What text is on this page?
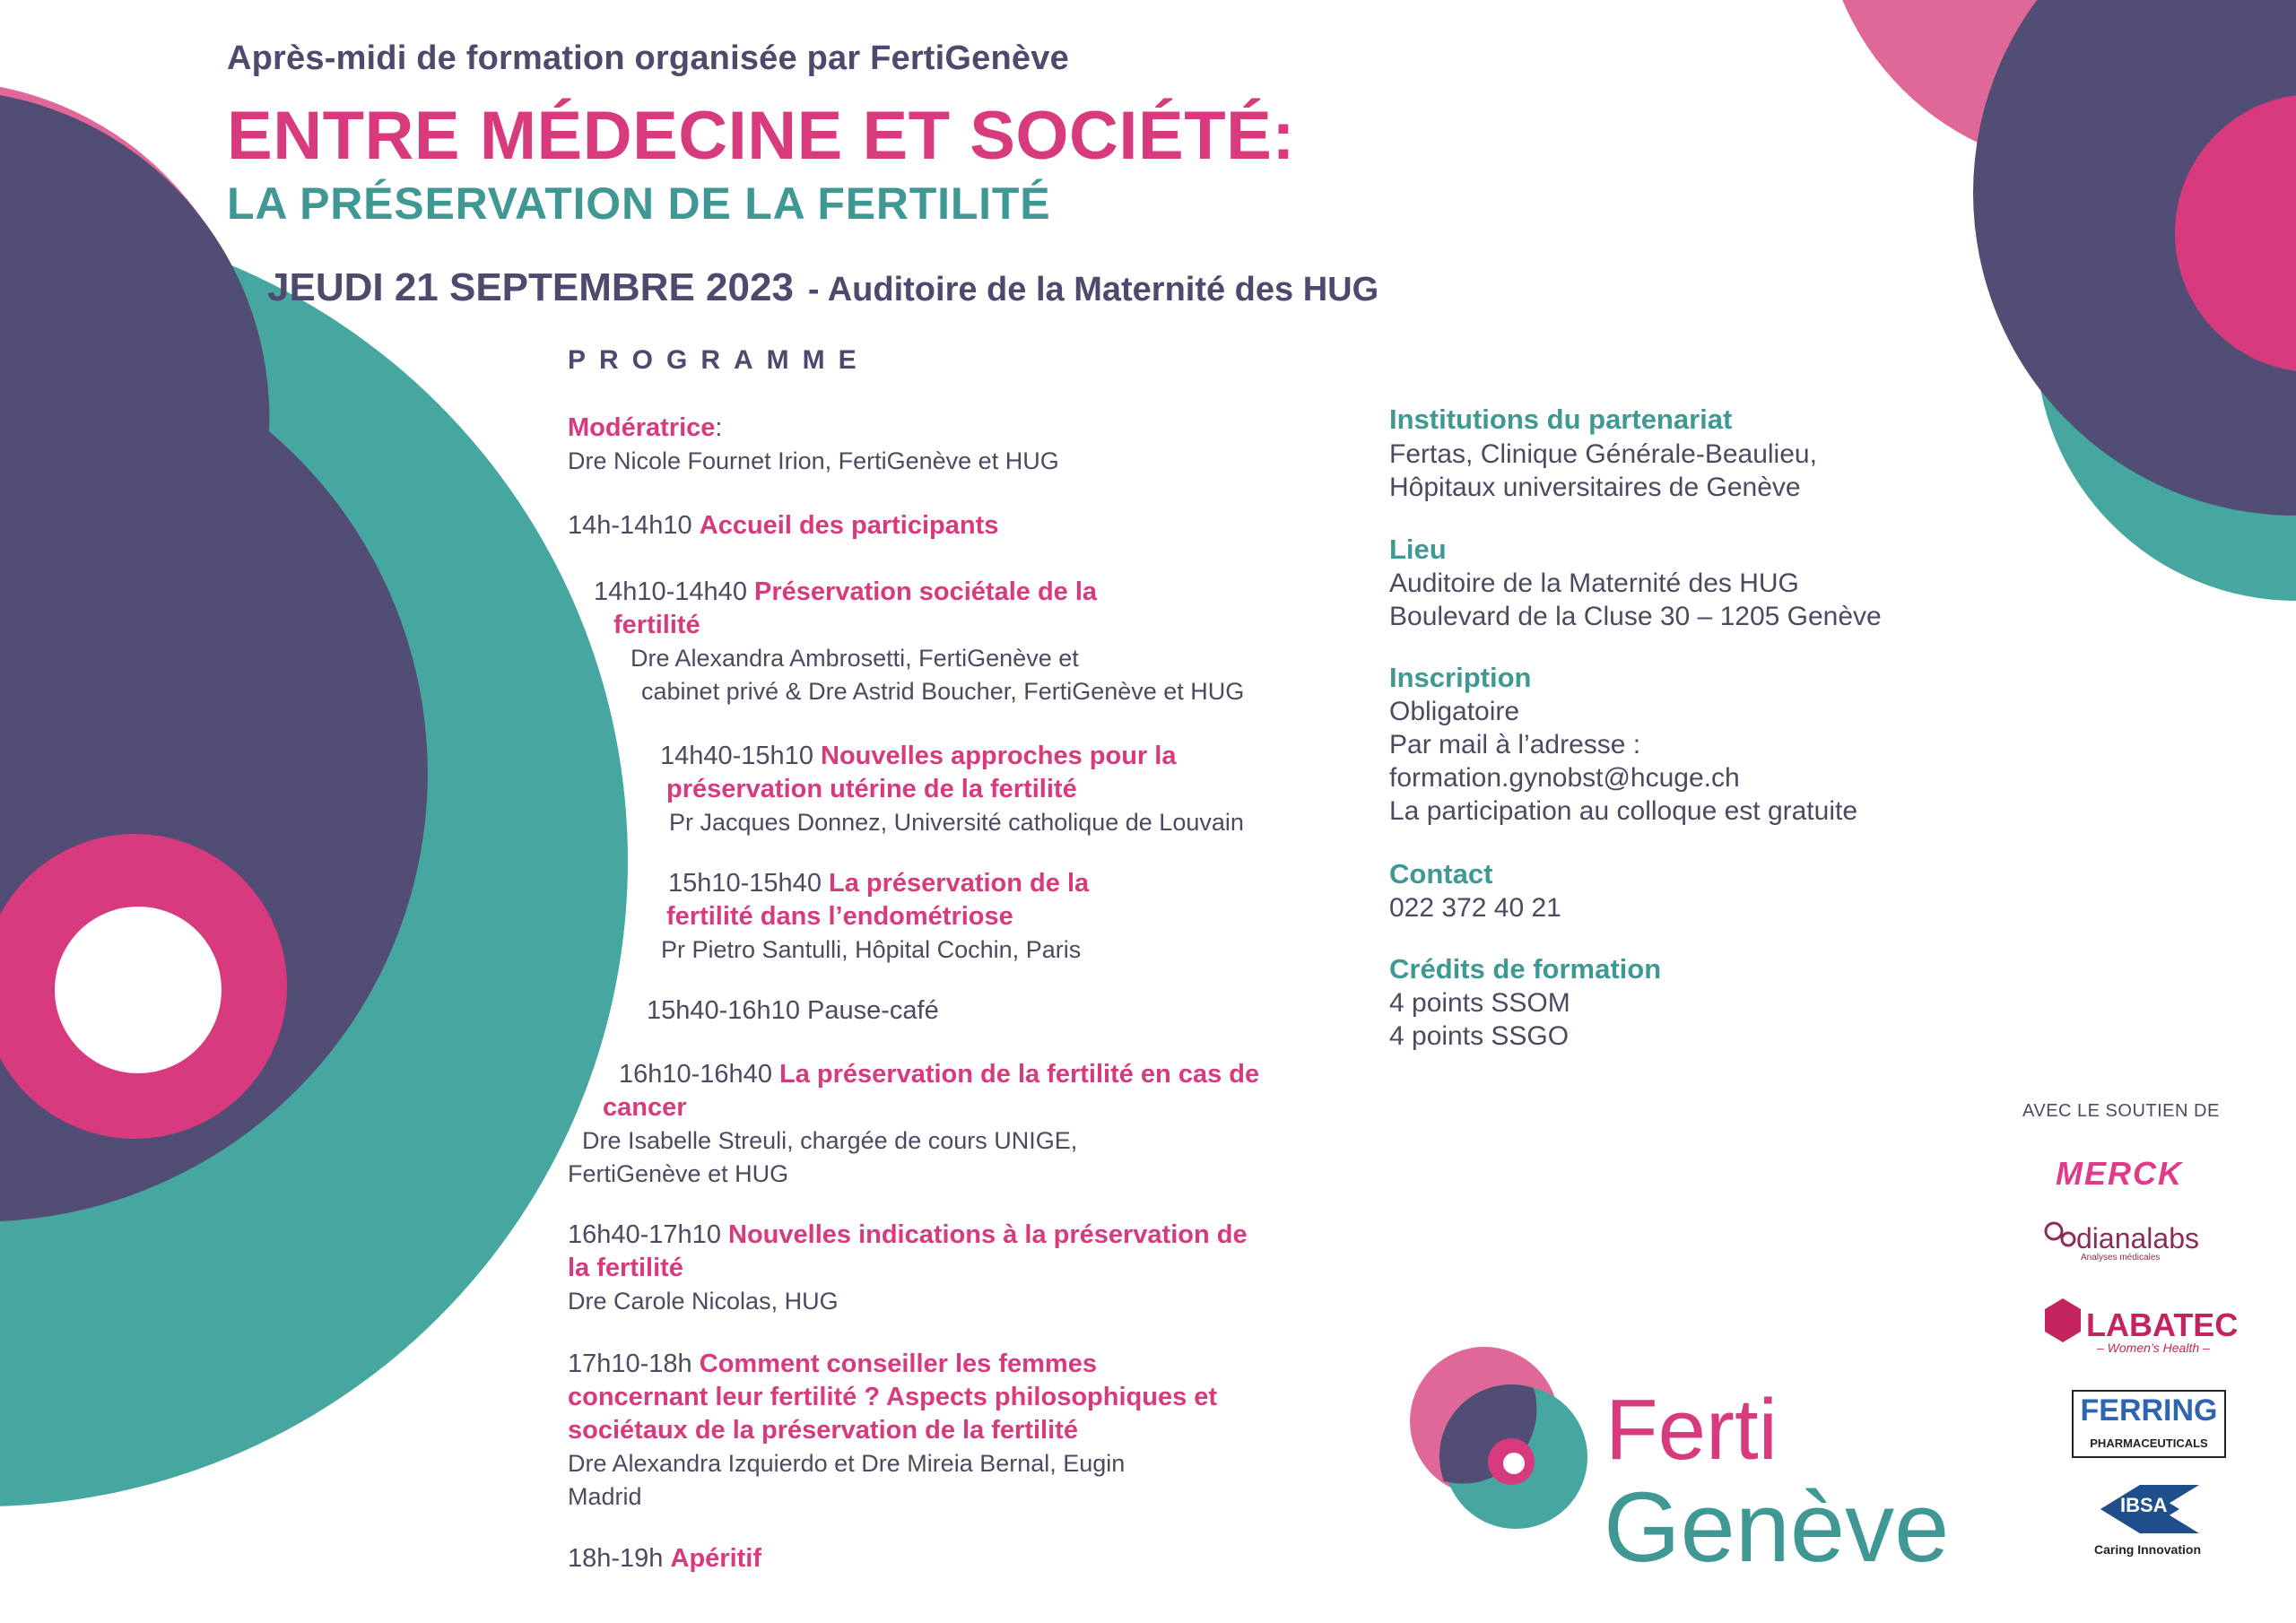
Après-midi de formation organisée par FertiGenève
ENTRE MÉDECINE ET SOCIÉTÉ:
LA PRÉSERVATION DE LA FERTILITÉ
JEUDI 21 SEPTEMBRE 2023 - Auditoire de la Maternité des HUG
PROGRAMME
Modératrice:
Dre Nicole Fournet Irion, FertiGenève et HUG
14h-14h10 Accueil des participants
14h10-14h40 Préservation sociétale de la
fertilité
Dre Alexandra Ambrosetti, FertiGenève et
cabinet privé & Dre Astrid Boucher, FertiGenève et HUG
14h40-15h10 Nouvelles approches pour la
préservation utérine de la fertilité
Pr Jacques Donnez, Université catholique de Louvain
15h10-15h40 La préservation de la
fertilité dans l’endométriose
Pr Pietro Santulli, Hôpital Cochin, Paris
15h40-16h10 Pause-café
16h10-16h40 La préservation de la fertilité en cas de
cancer
Dre Isabelle Streuli, chargée de cours UNIGE,
FertiGenève et HUG
16h40-17h10 Nouvelles indications à la préservation de
la fertilité
Dre Carole Nicolas, HUG
17h10-18h Comment conseiller les femmes
concernant leur fertilité ? Aspects philosophiques et
sociétaux de la préservation de la fertilité
Dre Alexandra Izquierdo et Dre Mireia Bernal, Eugin
Madrid
18h-19h Apéritif
Institutions du partenariat
Fertas, Clinique Générale-Beaulieu,
Hôpitaux universitaires de Genève
Lieu
Auditoire de la Maternité des HUG
Boulevard de la Cluse 30 – 1205 Genève
Inscription
Obligatoire
Par mail à l’adresse :
formation.gynobst@hcuge.ch
La participation au colloque est gratuite
Contact
022 372 40 21
Crédits de formation
4 points SSOM
4 points SSGO
AVEC LE SOUTIEN DE
MERCK
dianalabs
Analyses médicales
LABATEC
– Women’s Health –
FERRING
PHARMACEUTICALS
IBSA
Caring Innovation
Ferti
Genève
